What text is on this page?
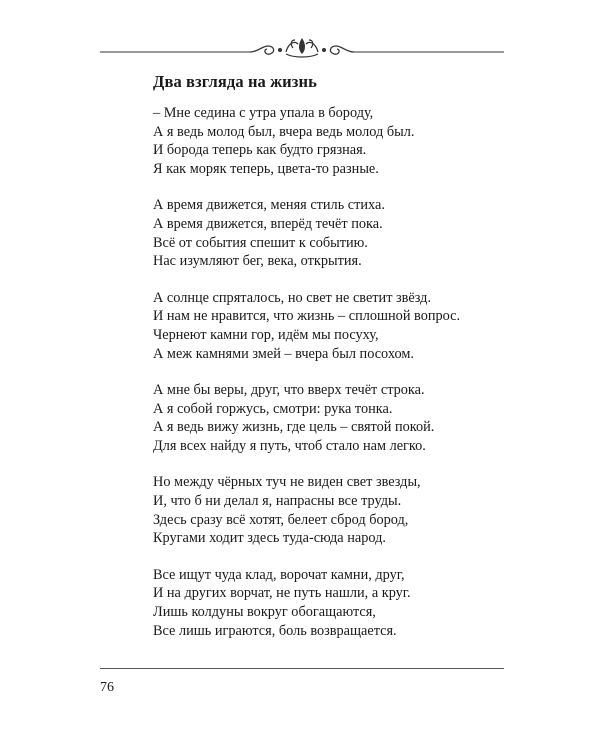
Два взгляда на жизнь
– Мне седина с утра упала в бороду,
А я ведь молод был, вчера ведь молод был.
И борода теперь как будто грязная.
Я как моряк теперь, цвета-то разные.
А время движется, меняя стиль стиха.
А время движется, вперёд течёт пока.
Всё от события спешит к событию.
Нас изумляют бег, века, открытия.
А солнце спряталось, но свет не светит звёзд.
И нам не нравится, что жизнь – сплошной вопрос.
Чернеют камни гор, идём мы посуху,
А меж камнями змей – вчера был посохом.
А мне бы веры, друг, что вверх течёт строка.
А я собой горжусь, смотри: рука тонка.
А я ведь вижу жизнь, где цель – святой покой.
Для всех найду я путь, чтоб стало нам легко.
Но между чёрных туч не виден свет звезды,
И, что б ни делал я, напрасны все труды.
Здесь сразу всё хотят, белеет сброд бород,
Кругами ходит здесь туда-сюда народ.
Все ищут чуда клад, ворочат камни, друг,
И на других ворчат, не путь нашли, а круг.
Лишь колдуны вокруг обогащаются,
Все лишь играются, боль возвращается.
76
